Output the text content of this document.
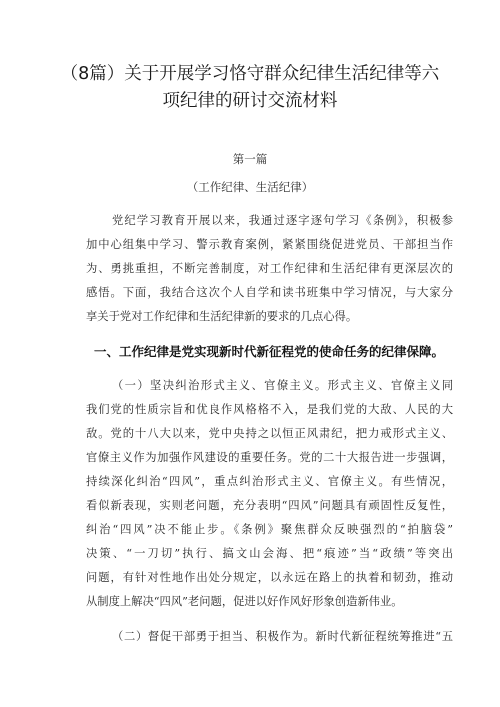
（8篇）关于开展学习恪守群众纪律生活纪律等六
项纪律的研讨交流材料
第一篇
（工作纪律、生活纪律）
党纪学习教育开展以来，我通过逐字逐句学习《条例》，积极参
加中心组集中学习、警示教育案例，紧紧围绕促进党员、干部担当作
为、勇挑重担，不断完善制度，对工作纪律和生活纪律有更深层次的
感悟。下面，我结合这次个人自学和读书班集中学习情况，与大家分
享关于党对工作纪律和生活纪律新的要求的几点心得。
一、工作纪律是党实现新时代新征程党的使命任务的纪律保障。
（一）坚决纠治形式主义、官僚主义。形式主义、官僚主义同
我们党的性质宗旨和优良作风格格不入，是我们党的大敌、人民的大
敌。党的十八大以来，党中央持之以恒正风肃纪，把力戒形式主义、
官僚主义作为加强作风建设的重要任务。党的二十大报告进一步强调，
持续深化纠治“四风”，重点纠治形式主义、官僚主义。有些情况，
看似新表现，实则老问题，充分表明“四风”问题具有顽固性反复性，
纠治“四风”决不能止步。《条例》聚焦群众反映强烈的“拍脑袋”
决策、“一刀切”执行、搞文山会海、把“痕迹”当“政绩”等突出
问题，有针对性地作出处分规定，以永远在路上的执着和韧劲，推动
从制度上解决“四风”老问题，促进以好作风好形象创造新伟业。
（二）督促干部勇于担当、积极作为。新时代新征程统筹推进“五
